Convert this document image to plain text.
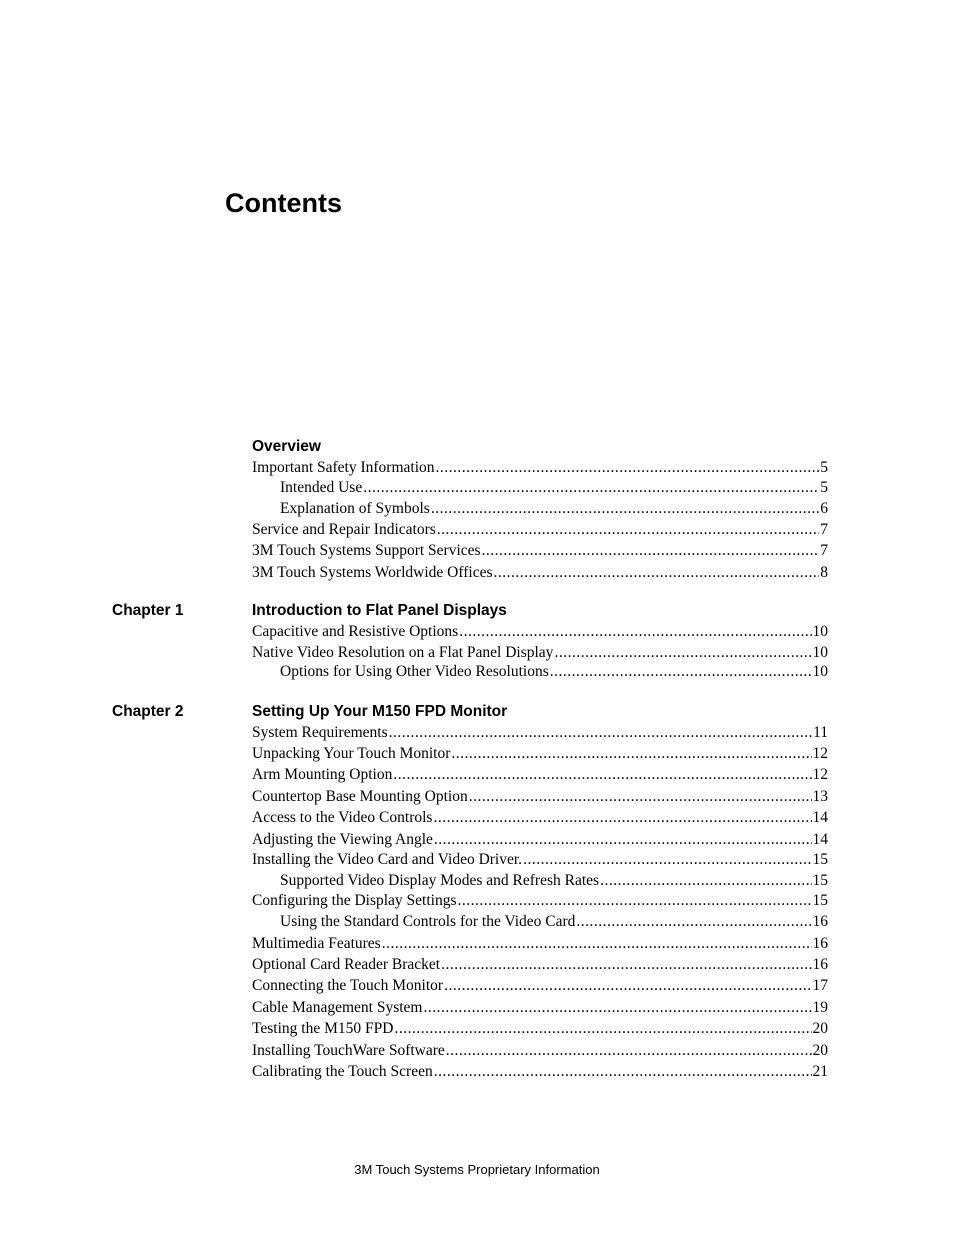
Contents
Overview
Important Safety Information .....	5
Intended Use .....	5
Explanation of Symbols .....	6
Service and Repair Indicators .....	7
3M Touch Systems Support Services .....	7
3M Touch Systems Worldwide Offices .....	8
Chapter 1	Introduction to Flat Panel Displays
Capacitive and Resistive Options .....	10
Native Video Resolution on a Flat Panel Display .....	10
Options for Using Other Video Resolutions .....	10
Chapter 2	Setting Up Your M150 FPD Monitor
System Requirements .....	11
Unpacking Your Touch Monitor .....	12
Arm Mounting Option .....	12
Countertop Base Mounting Option .....	13
Access to the Video Controls .....	14
Adjusting the Viewing Angle .....	14
Installing the Video Card and Video Driver. .....	15
Supported Video Display Modes and Refresh Rates .....	15
Configuring the Display Settings .....	15
Using the Standard Controls for the Video Card .....	16
Multimedia Features .....	16
Optional Card Reader Bracket .....	16
Connecting the Touch Monitor .....	17
Cable Management System .....	19
Testing the M150 FPD .....	20
Installing TouchWare Software .....	20
Calibrating the Touch Screen .....	21
3M Touch Systems Proprietary Information
